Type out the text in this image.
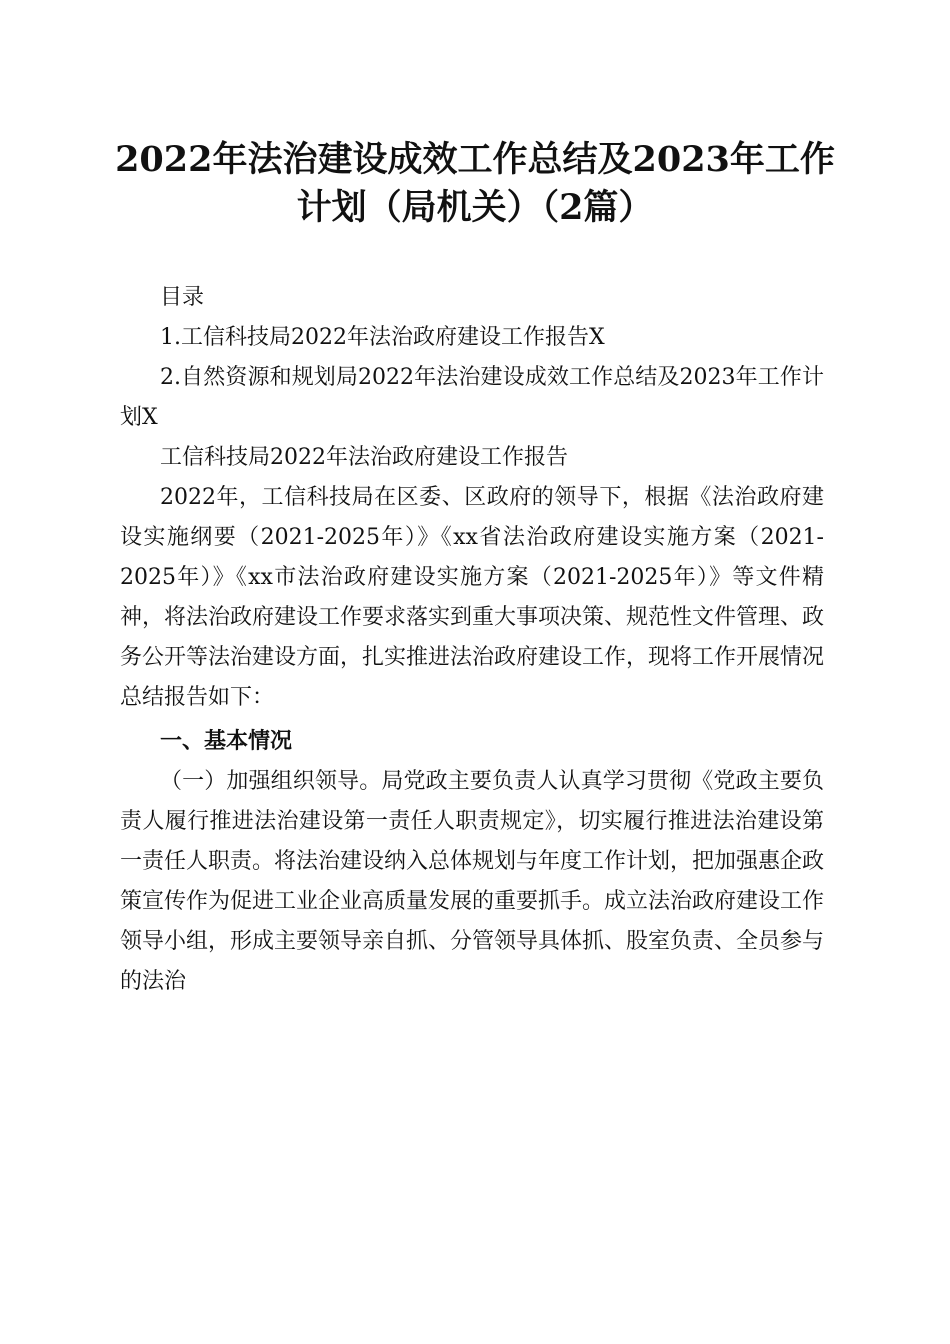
2022年法治建设成效工作总结及2023年工作
计划（局机关）（2篇）

目录

1.工信科技局2022年法治政府建设工作报告X

2.自然资源和规划局2022年法治建设成效工作总结及2023年工作计划X

工信科技局2022年法治政府建设工作报告

2022年，工信科技局在区委、区政府的领导下，根据《法治政府建设实施纲要（2021-2025年）》《xx省法治政府建设实施方案（2021-2025年）》《xx市法治政府建设实施方案（2021-2025年）》等文件精神，将法治政府建设工作要求落实到重大事项决策、规范性文件管理、政务公开等法治建设方面，扎实推进法治政府建设工作，现将工作开展情况总结报告如下：

一、基本情况

（一）加强组织领导。局党政主要负责人认真学习贯彻《党政主要负责人履行推进法治建设第一责任人职责规定》，切实履行推进法治建设第一责任人职责。将法治建设纳入总体规划与年度工作计划，把加强惠企政策宣传作为促进工业企业高质量发展的重要抓手。成立法治政府建设工作领导小组，形成主要领导亲自抓、分管领导具体抓、股室负责、全员参与的法治
